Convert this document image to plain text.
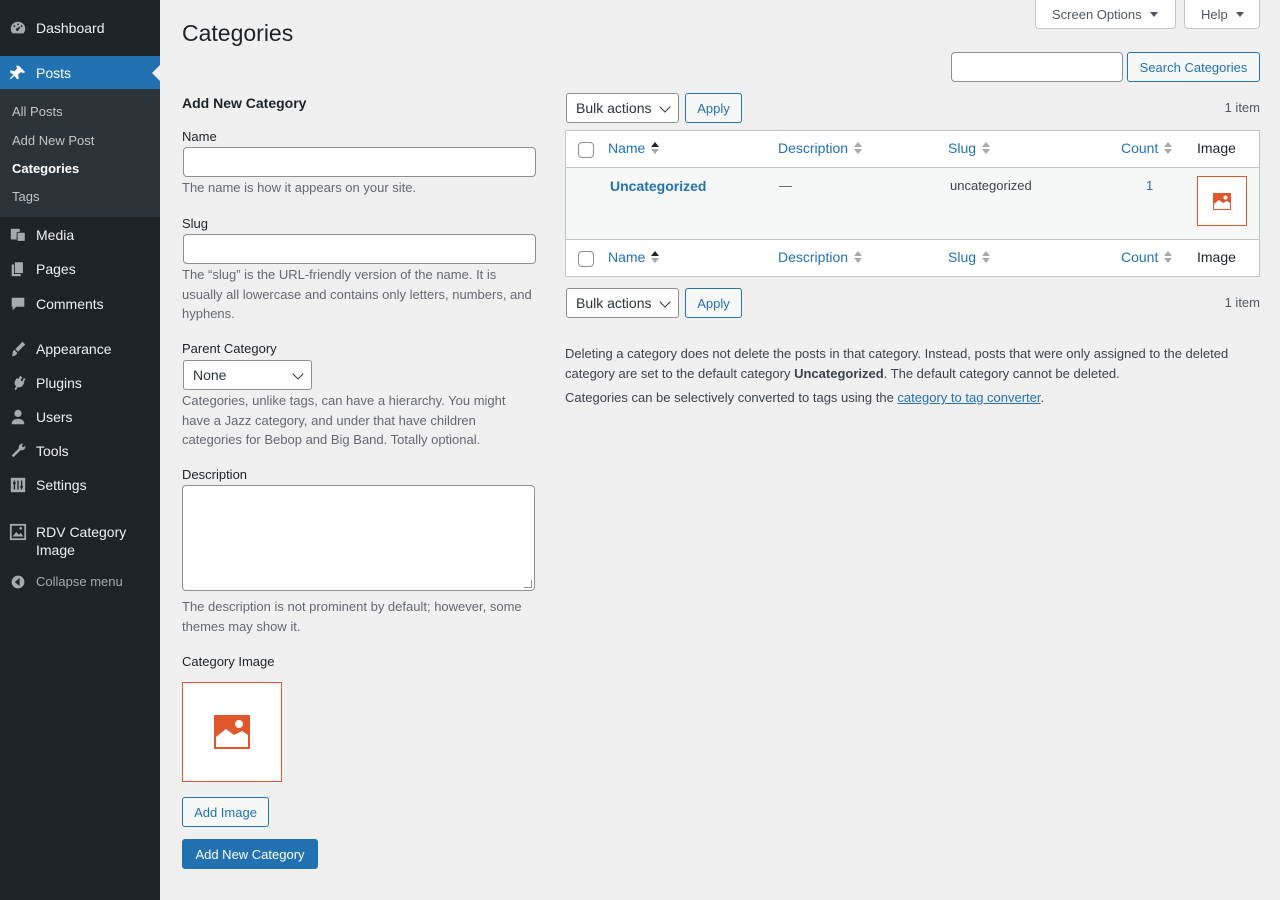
Dashboard
Posts
All Posts
Add New Post
Categories
Tags
Media
Pages
Comments
Appearance
Plugins
Users
Tools
Settings
RDV Category Image
Collapse menu
Screen Options	Help
Categories
Search Categories
Add New Category
Name
The name is how it appears on your site.
Slug
The “slug” is the URL-friendly version of the name. It is usually all lowercase and contains only letters, numbers, and hyphens.
Parent Category
None
Categories, unlike tags, can have a hierarchy. You might have a Jazz category, and under that have children categories for Bebop and Big Band. Totally optional.
Description
The description is not prominent by default; however, some themes may show it.
Category Image
Add Image
Add New Category
Bulk actions	Apply	1 item
Name	Description	Slug	Count	Image
Uncategorized	—	uncategorized	1
Name	Description	Slug	Count	Image
Bulk actions	Apply	1 item

Deleting a category does not delete the posts in that category. Instead, posts that were only assigned to the deleted category are set to the default category Uncategorized. The default category cannot be deleted.

Categories can be selectively converted to tags using the category to tag converter.
